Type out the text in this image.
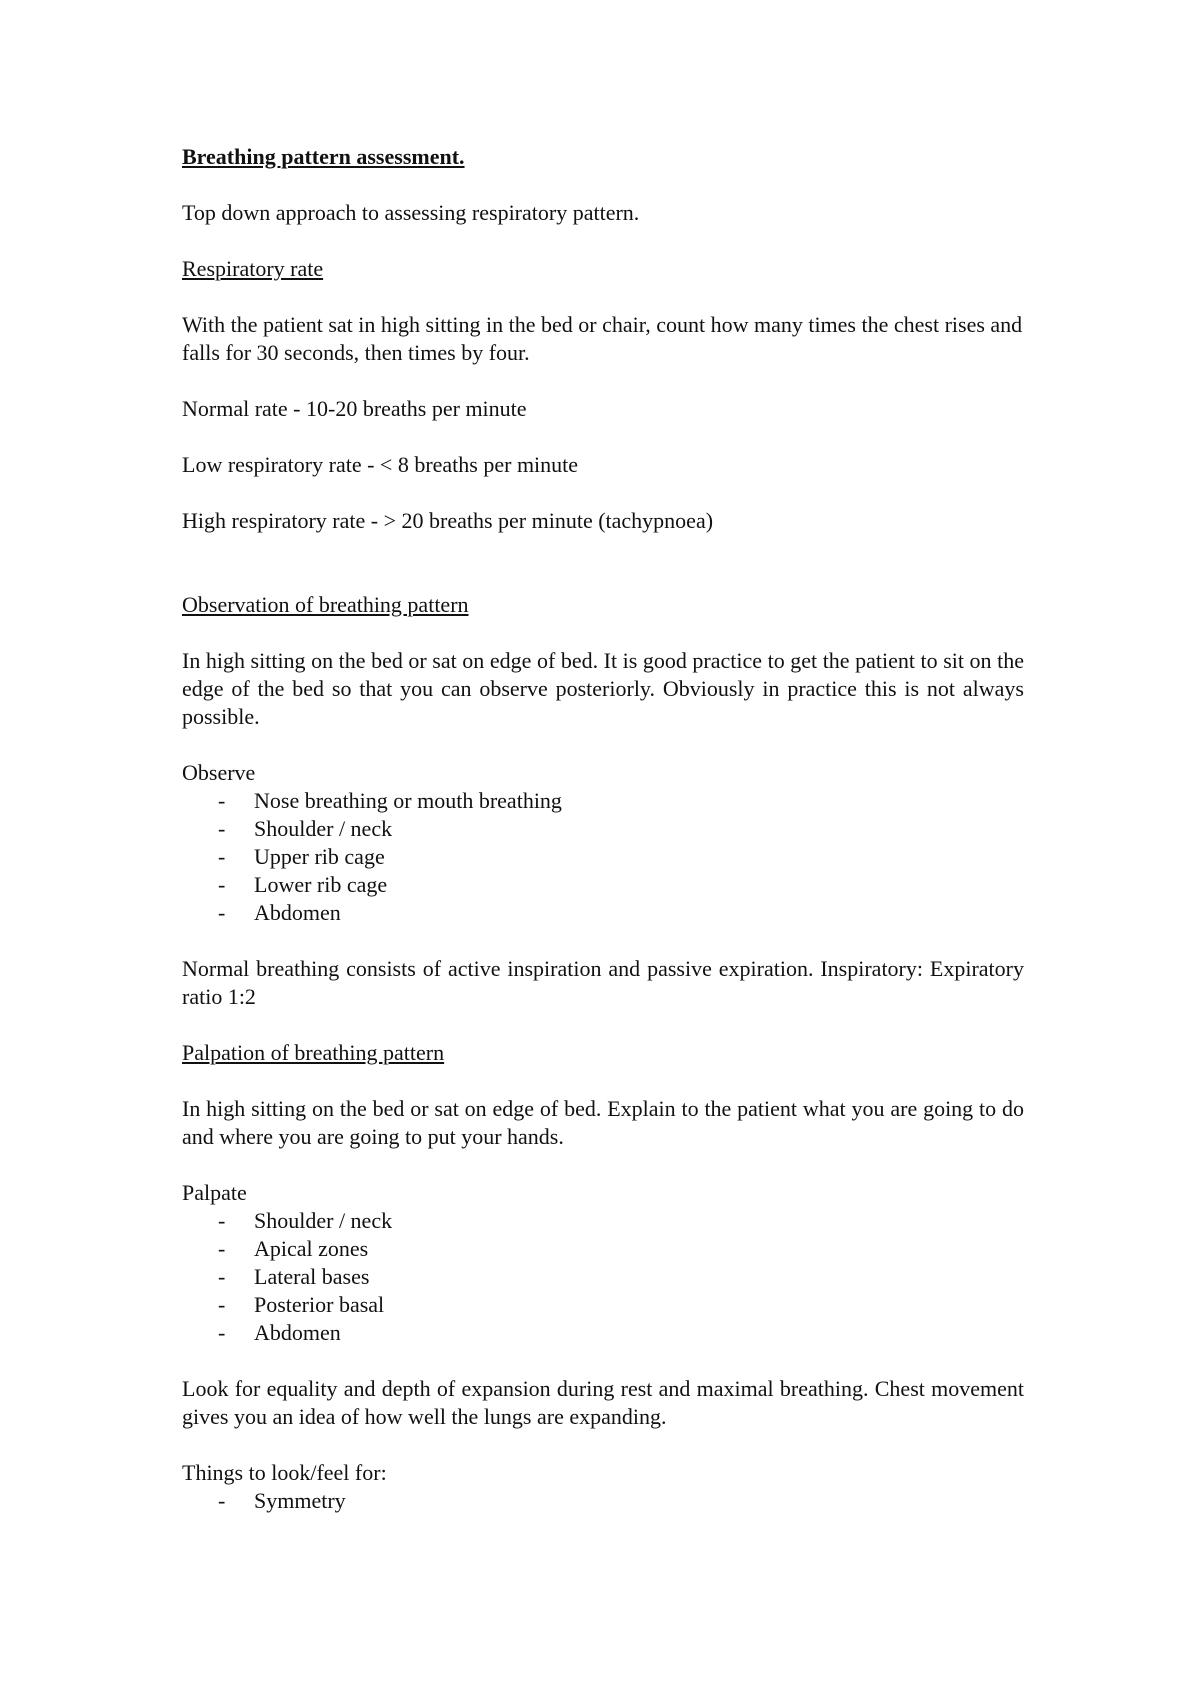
Breathing pattern assessment.

Top down approach to assessing respiratory pattern.

Respiratory rate

With the patient sat in high sitting in the bed or chair, count how many times the chest rises and falls for 30 seconds, then times by four.

Normal rate - 10-20 breaths per minute

Low respiratory rate - < 8 breaths per minute

High respiratory rate - > 20 breaths per minute (tachypnoea)

Observation of breathing pattern

In high sitting on the bed or sat on edge of bed. It is good practice to get the patient to sit on the edge of the bed so that you can observe posteriorly. Obviously in practice this is not always possible.

Observe

- Nose breathing or mouth breathing
- Shoulder / neck
- Upper rib cage
- Lower rib cage
- Abdomen

Normal breathing consists of active inspiration and passive expiration. Inspiratory: Expiratory ratio 1:2

Palpation of breathing pattern

In high sitting on the bed or sat on edge of bed. Explain to the patient what you are going to do and where you are going to put your hands.

Palpate

- Shoulder / neck
- Apical zones
- Lateral bases
- Posterior basal
- Abdomen

Look for equality and depth of expansion during rest and maximal breathing. Chest movement gives you an idea of how well the lungs are expanding.

Things to look/feel for:

- Symmetry
